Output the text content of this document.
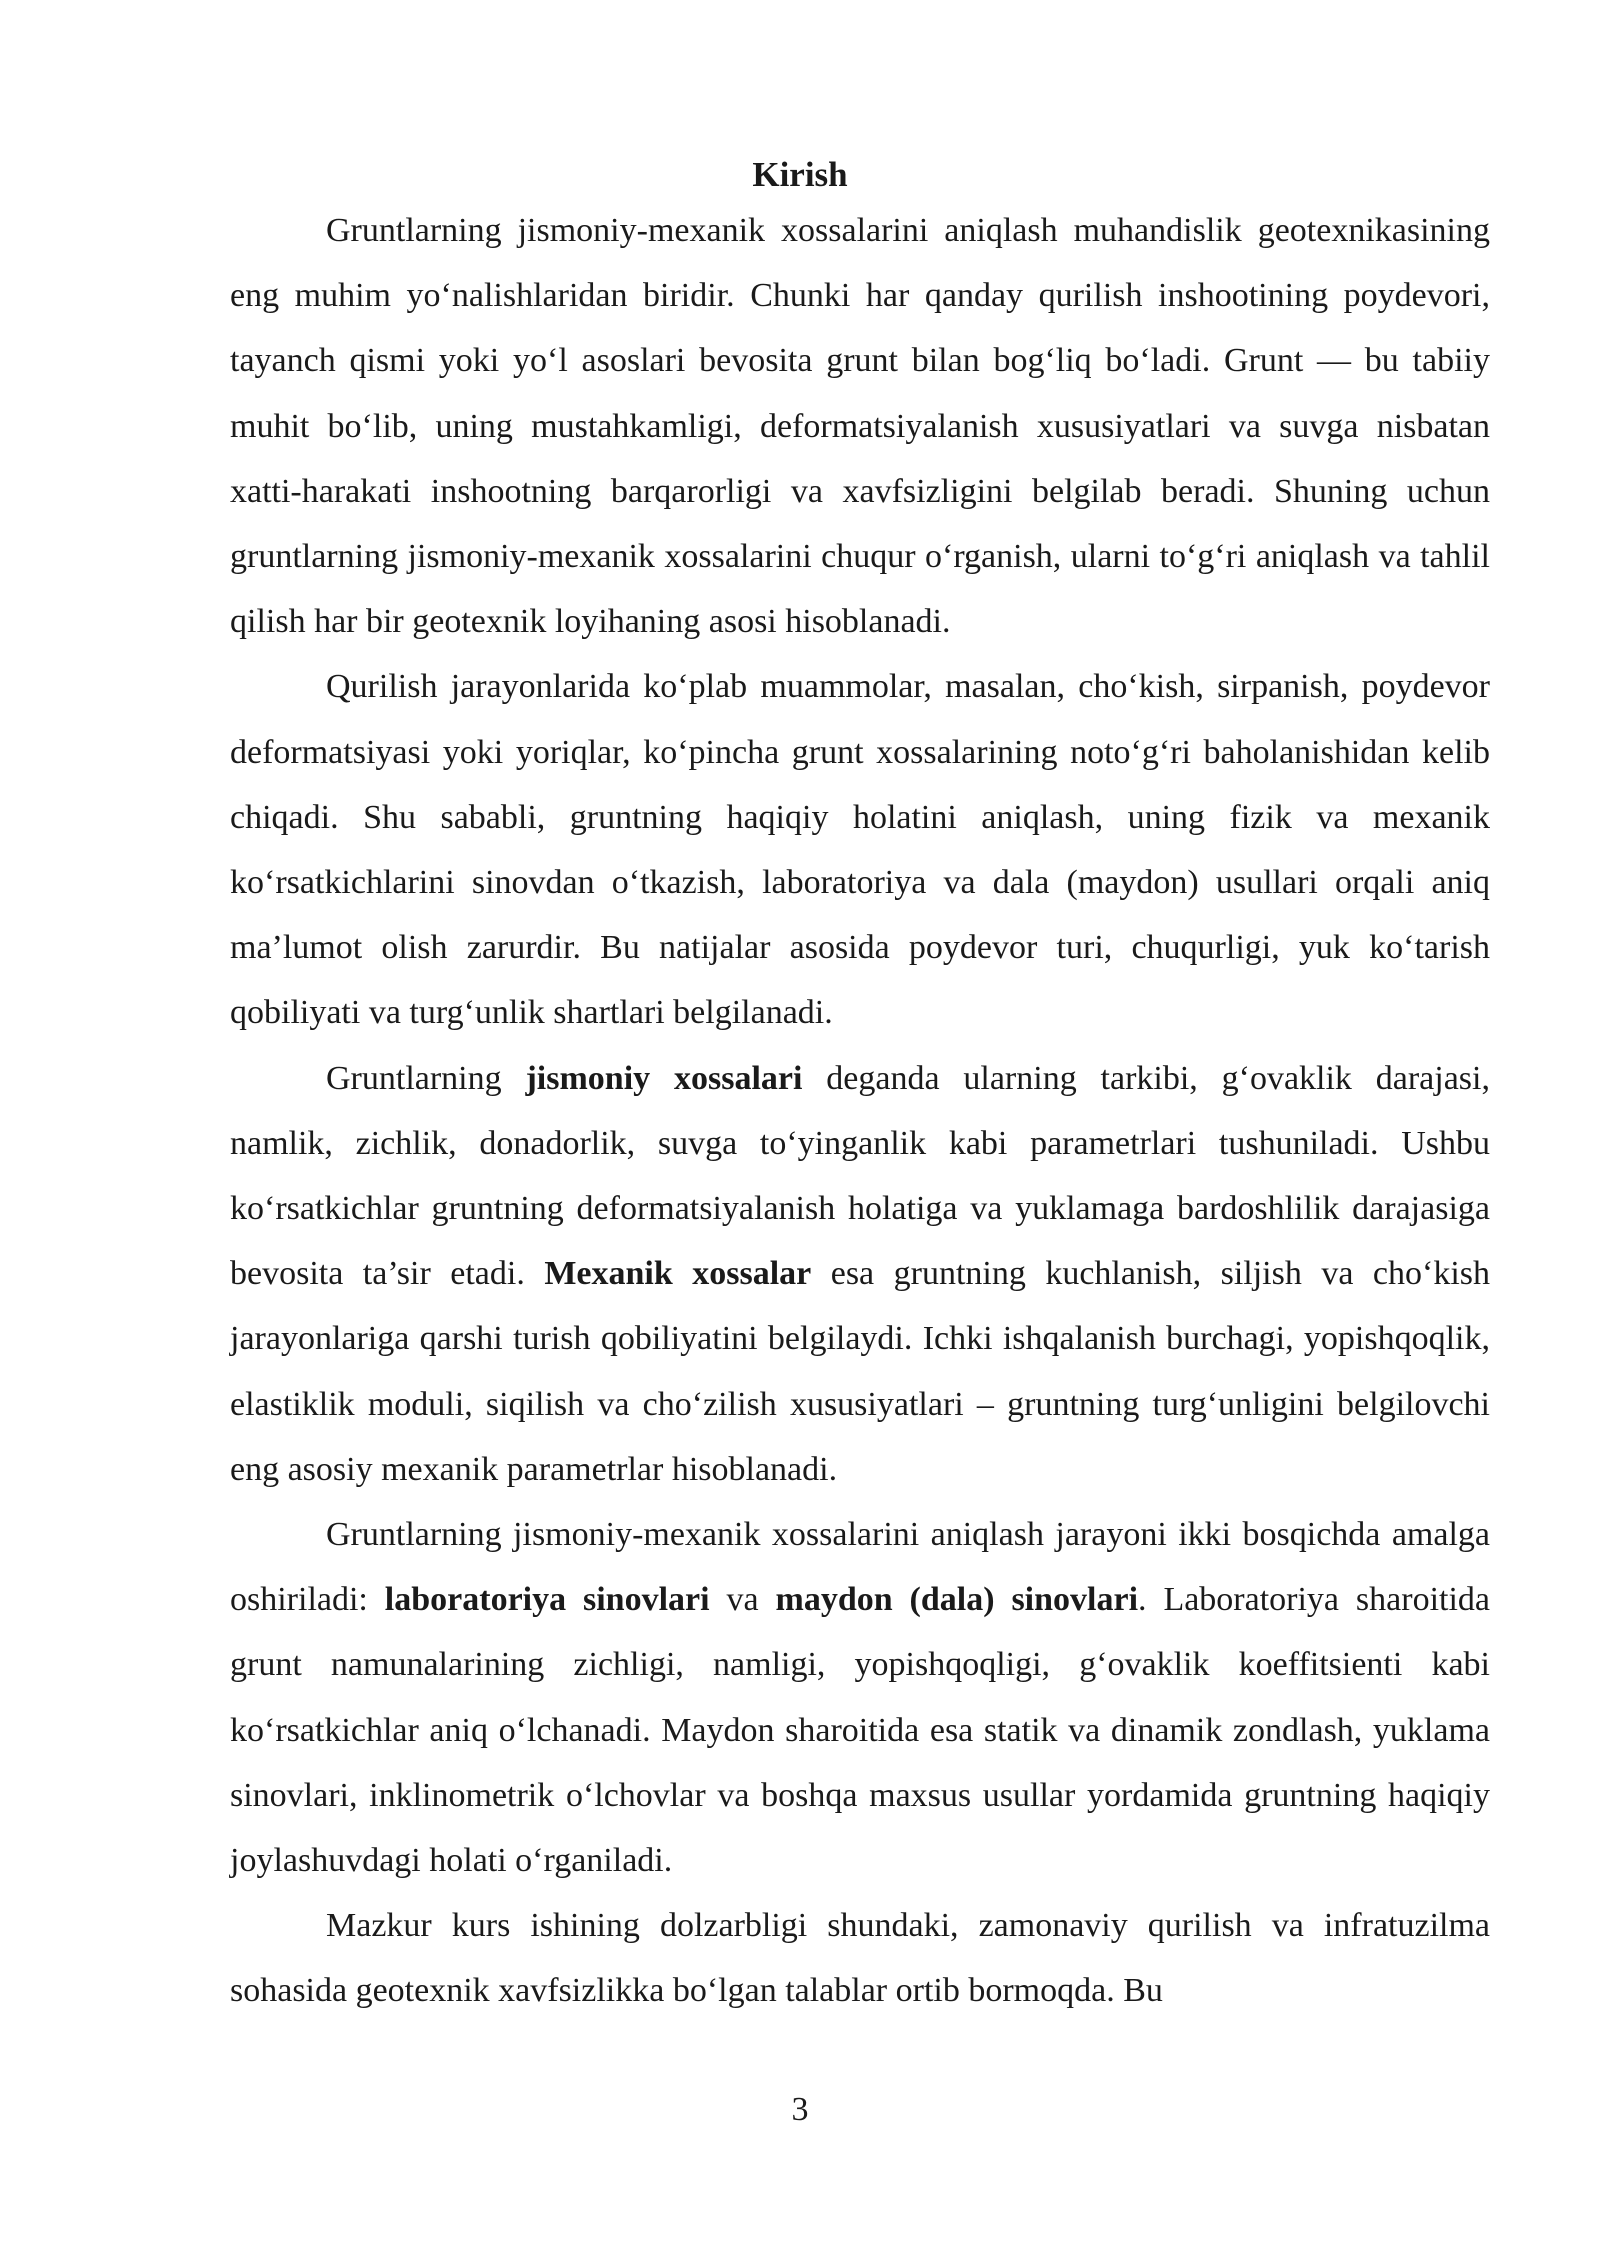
Kirish

Gruntlarning jismoniy-mexanik xossalarini aniqlash muhandislik geotexnikasining eng muhim yo‘nalishlaridan biridir. Chunki har qanday qurilish inshootining poydevori, tayanch qismi yoki yo‘l asoslari bevosita grunt bilan bog‘liq bo‘ladi. Grunt — bu tabiiy muhit bo‘lib, uning mustahkamligi, deformatsiyalanish xususiyatlari va suvga nisbatan xatti-harakati inshootning barqarorligi va xavfsizligini belgilab beradi. Shuning uchun gruntlarning jismoniy-mexanik xossalarini chuqur o‘rganish, ularni to‘g‘ri aniqlash va tahlil qilish har bir geotexnik loyihaning asosi hisoblanadi.

Qurilish jarayonlarida ko‘plab muammolar, masalan, cho‘kish, sirpanish, poydevor deformatsiyasi yoki yoriqlar, ko‘pincha grunt xossalarining noto‘g‘ri baholanishidan kelib chiqadi. Shu sababli, gruntning haqiqiy holatini aniqlash, uning fizik va mexanik ko‘rsatkichlarini sinovdan o‘tkazish, laboratoriya va dala (maydon) usullari orqali aniq ma’lumot olish zarurdir. Bu natijalar asosida poydevor turi, chuqurligi, yuk ko‘tarish qobiliyati va turg‘unlik shartlari belgilanadi.

Gruntlarning jismoniy xossalari deganda ularning tarkibi, g‘ovaklik darajasi, namlik, zichlik, donadorlik, suvga to‘yinganlik kabi parametrlari tushuniladi. Ushbu ko‘rsatkichlar gruntning deformatsiyalanish holatiga va yuklamaga bardoshlilik darajasiga bevosita ta’sir etadi. Mexanik xossalar esa gruntning kuchlanish, siljish va cho‘kish jarayonlariga qarshi turish qobiliyatini belgilaydi. Ichki ishqalanish burchagi, yopishqoqlik, elastiklik moduli, siqilish va cho‘zilish xususiyatlari – gruntning turg‘unligini belgilovchi eng asosiy mexanik parametrlar hisoblanadi.

Gruntlarning jismoniy-mexanik xossalarini aniqlash jarayoni ikki bosqichda amalga oshiriladi: laboratoriya sinovlari va maydon (dala) sinovlari. Laboratoriya sharoitida grunt namunalarining zichligi, namligi, yopishqoqligi, g‘ovaklik koeffitsienti kabi ko‘rsatkichlar aniq o‘lchanadi. Maydon sharoitida esa statik va dinamik zondlash, yuklama sinovlari, inklinometrik o‘lchovlar va boshqa maxsus usullar yordamida gruntning haqiqiy joylashuvdagi holati o‘rganiladi.

Mazkur kurs ishining dolzarbligi shundaki, zamonaviy qurilish va infratuzilma sohasida geotexnik xavfsizlikka bo‘lgan talablar ortib bormoqda. Bu

3
